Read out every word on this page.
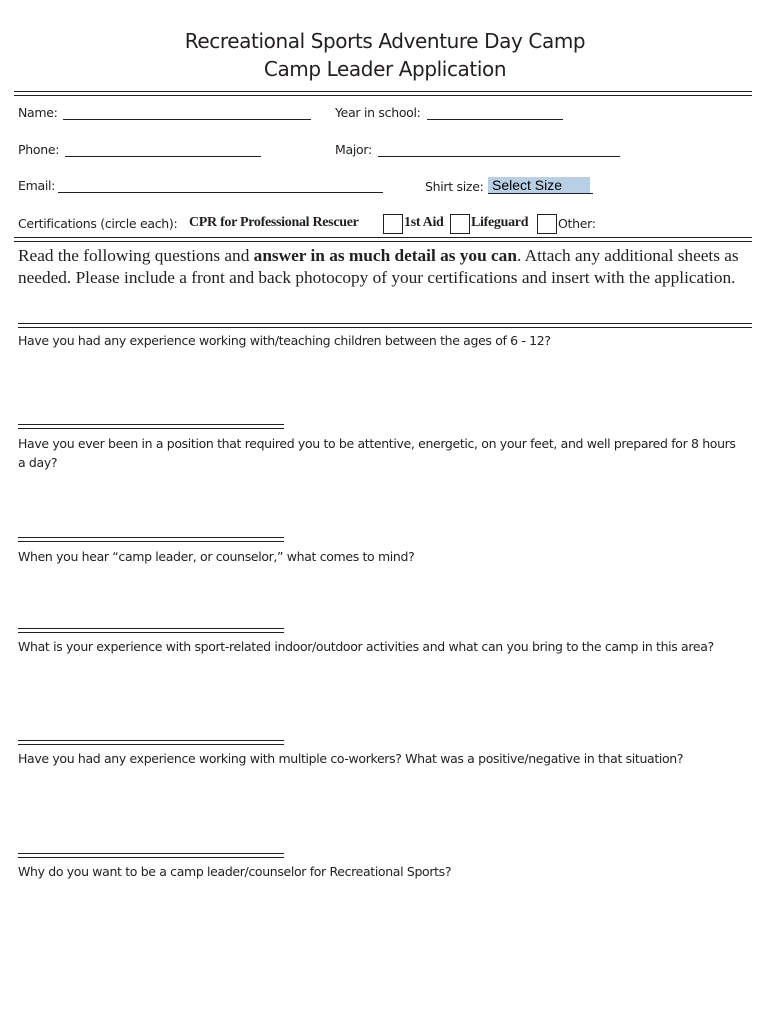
Recreational Sports Adventure Day Camp
Camp Leader Application
Name:	Year in school:
Phone:	Major:
Email:	Shirt size: Select Size
Certifications (circle each): CPR for Professional Rescuer	1st Aid Lifeguard Other:
Read the following questions and answer in as much detail as you can. Attach any additional sheets as needed. Please include a front and back photocopy of your certifications and insert with the application.
Have you had any experience working with/teaching children between the ages of 6 - 12?
Have you ever been in a position that required you to be attentive, energetic, on your feet, and well prepared for 8 hours a day?
When you hear “camp leader, or counselor,” what comes to mind?
What is your experience with sport-related indoor/outdoor activities and what can you bring to the camp in this area?
Have you had any experience working with multiple co-workers? What was a positive/negative in that situation?
Why do you want to be a camp leader/counselor for Recreational Sports?
